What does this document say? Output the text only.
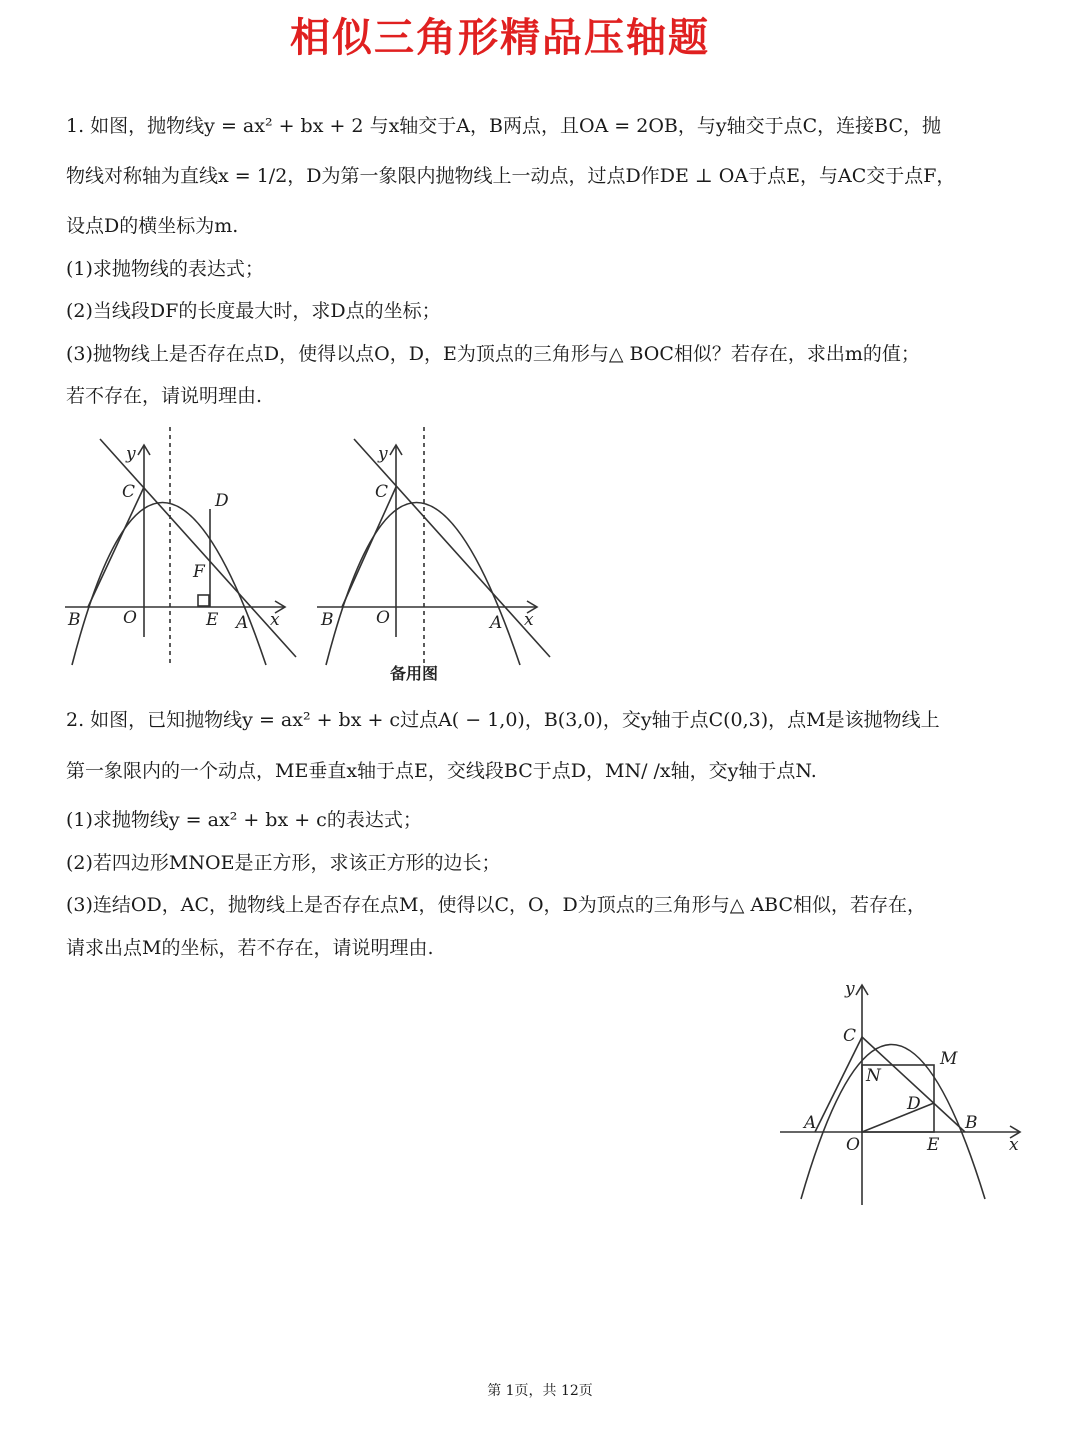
相似三角形精品压轴题
1. 如图，抛物线y = ax² + bx + 2 与x轴交于A，B两点，且OA = 2OB，与y轴交于点C，连接BC，抛
物线对称轴为直线x = 1/2，D为第一象限内抛物线上一动点，过点D作DE ⊥ OA于点E，与AC交于点F，
设点D的横坐标为m.
(1)求抛物线的表达式；
(2)当线段DF的长度最大时，求D点的坐标；
(3)抛物线上是否存在点D，使得以点O，D，E为顶点的三角形与△ BOC相似？若存在，求出m的值；
若不存在，请说明理由.
y
C	D
F
B	O	E A x
y
C
B	O	A x
备用图
2. 如图，已知抛物线y = ax² + bx + c过点A( − 1,0)，B(3,0)，交y轴于点C(0,3)，点M是该抛物线上
第一象限内的一个动点，ME垂直x轴于点E，交线段BC于点D，MN/ /x轴，交y轴于点N.
(1)求抛物线y = ax² + bx + c的表达式；
(2)若四边形MNOE是正方形，求该正方形的边长；
(3)连结OD，AC，抛物线上是否存在点M，使得以C，O，D为顶点的三角形与△ ABC相似，若存在，
请求出点M的坐标，若不存在，请说明理由.
y
C
M
N
D
A	B
O	E	x
第 1页，共 12页
